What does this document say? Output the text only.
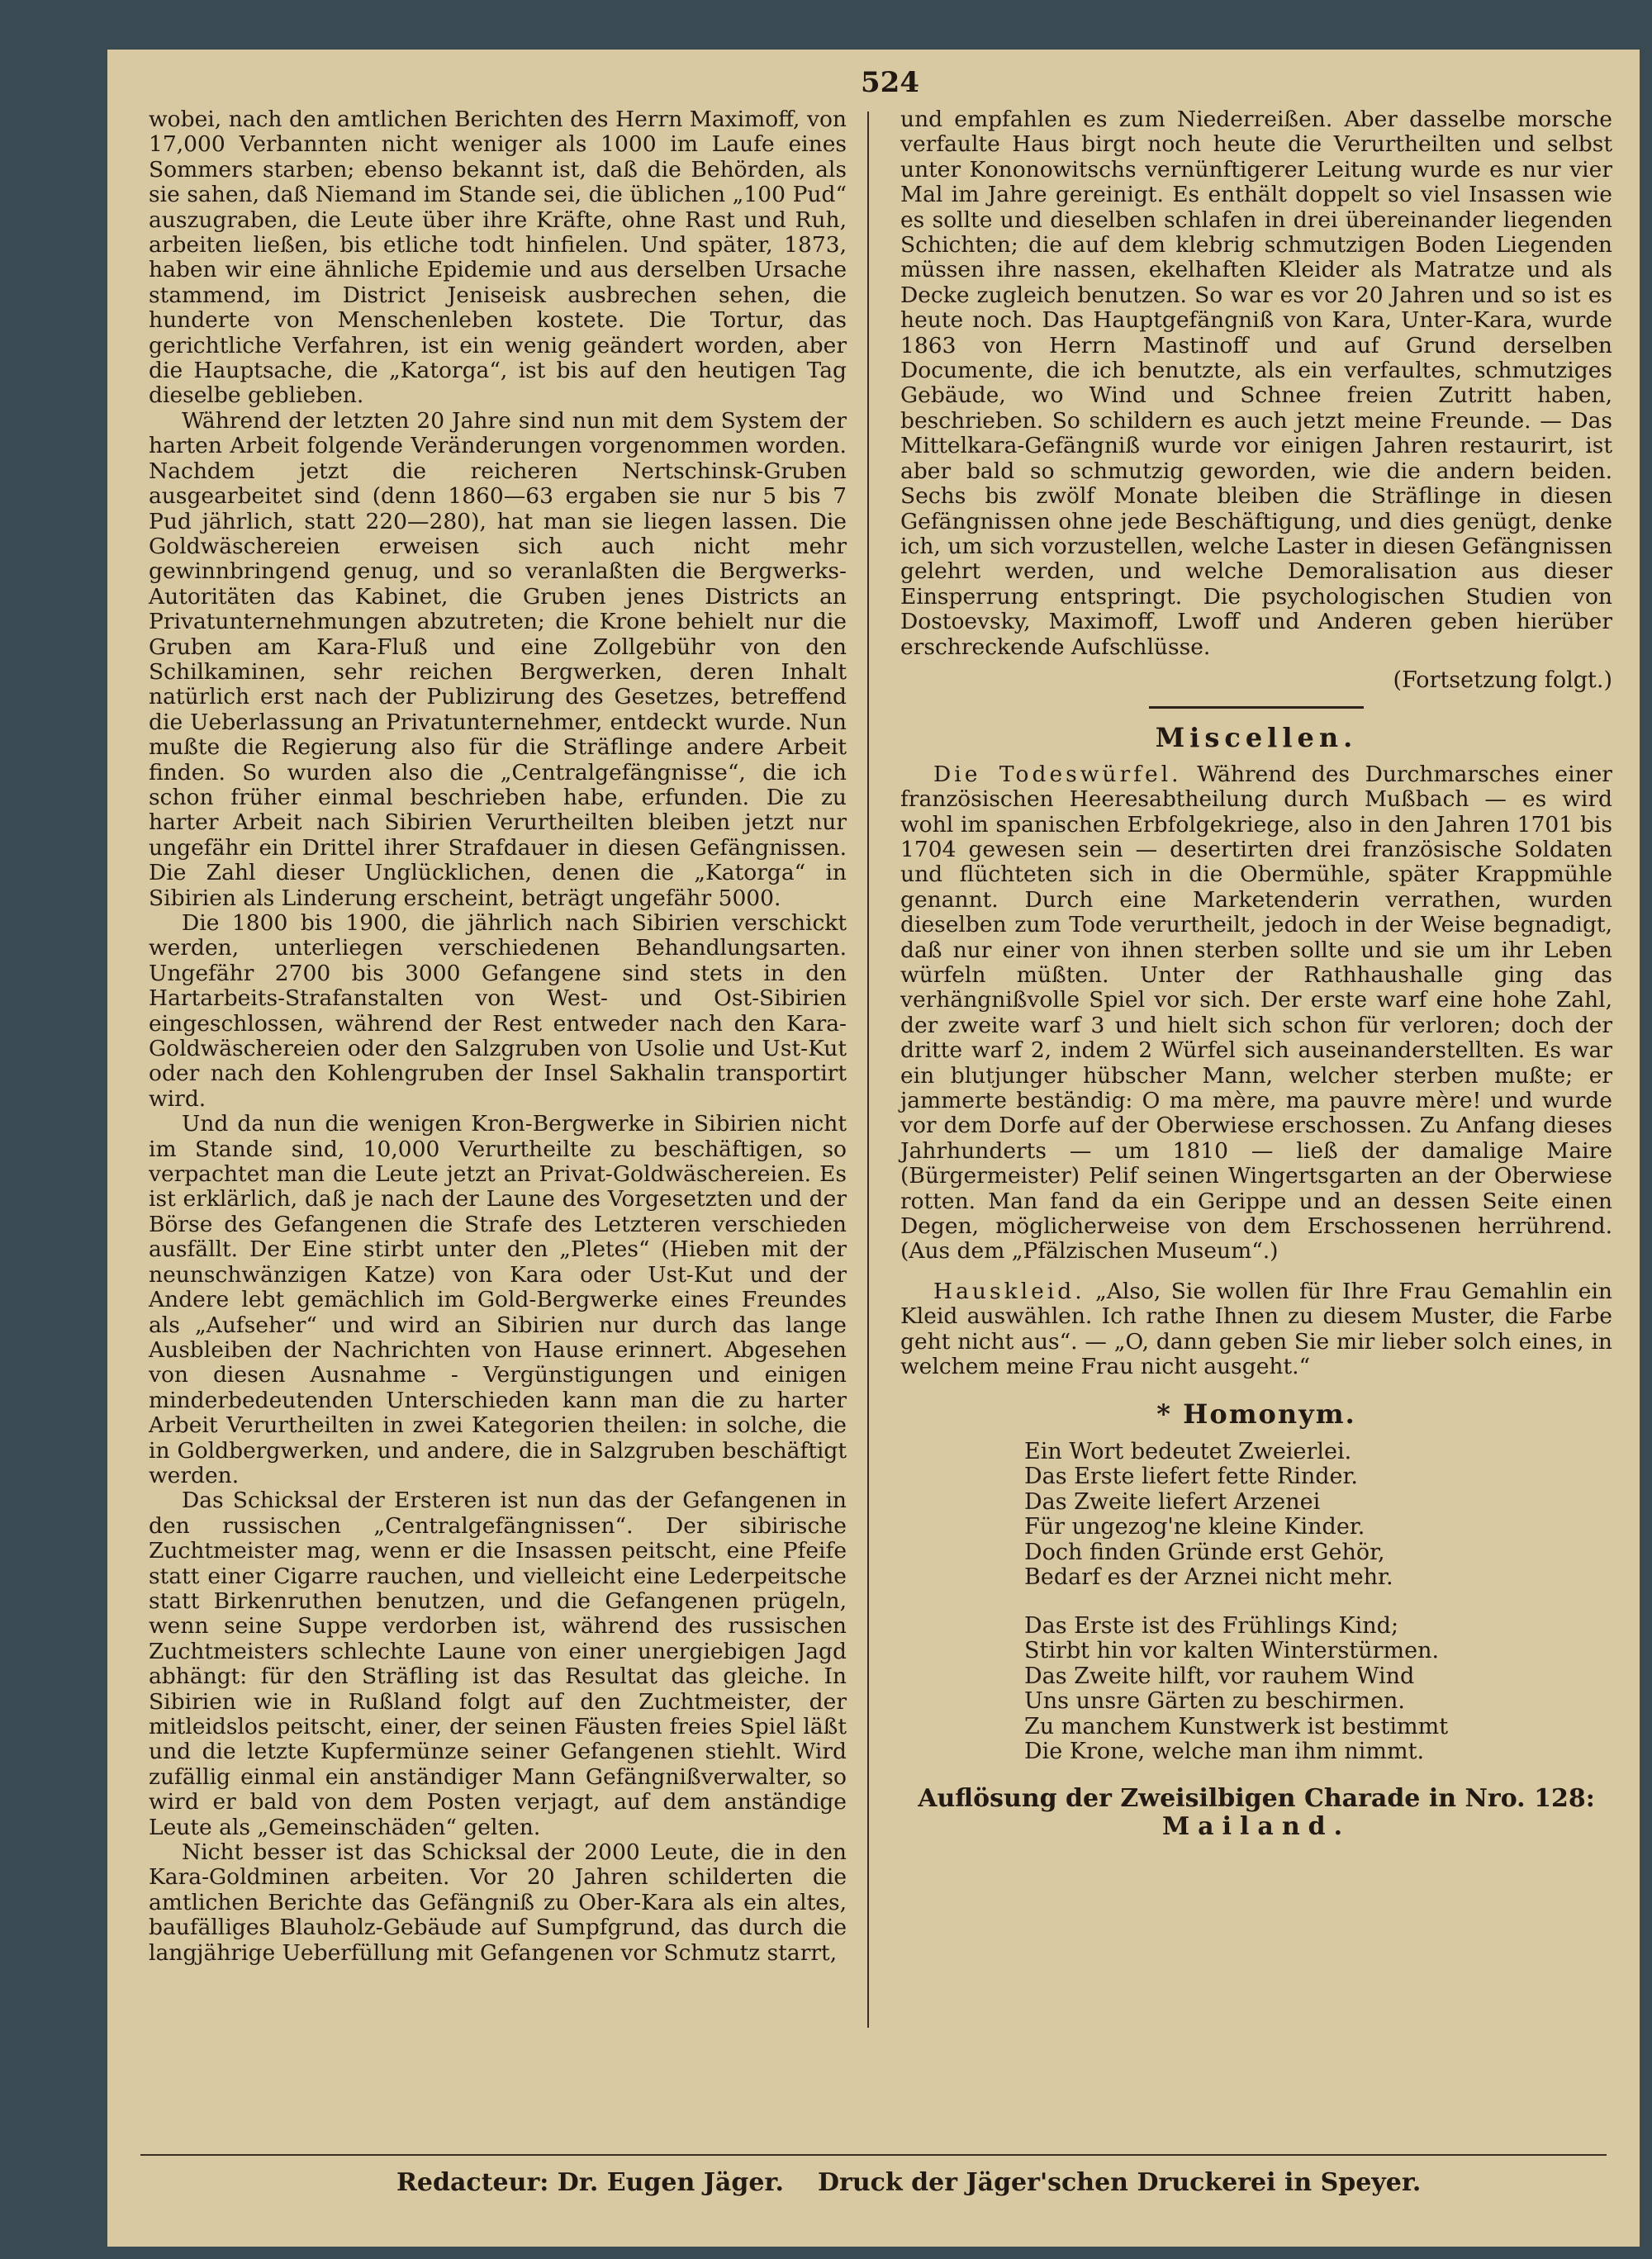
524

wobei, nach den amtlichen Berichten des Herrn Maximoff, von 17,000 Verbannten nicht weniger als 1000 im Laufe eines Sommers starben; ebenso bekannt ist, daß die Behörden, als sie sahen, daß Niemand im Stande sei, die üblichen „100 Pud“ auszugraben, die Leute über ihre Kräfte, ohne Rast und Ruh, arbeiten ließen, bis etliche todt hinfielen. Und später, 1873, haben wir eine ähnliche Epidemie und aus derselben Ursache stammend, im District Jeniseisk ausbrechen sehen, die hunderte von Menschenleben kostete. Die Tortur, das gerichtliche Verfahren, ist ein wenig geändert worden, aber die Hauptsache, die „Katorga“, ist bis auf den heutigen Tag dieselbe geblieben.

Während der letzten 20 Jahre sind nun mit dem System der harten Arbeit folgende Veränderungen vorgenommen worden. Nachdem jetzt die reicheren Nertschinsk-Gruben ausgearbeitet sind (denn 1860—63 ergaben sie nur 5 bis 7 Pud jährlich, statt 220—280), hat man sie liegen lassen. Die Goldwäschereien erweisen sich auch nicht mehr gewinnbringend genug, und so veranlaßten die Bergwerks-Autoritäten das Kabinet, die Gruben jenes Districts an Privatunternehmungen abzutreten; die Krone behielt nur die Gruben am Kara-Fluß und eine Zollgebühr von den Schilkaminen, sehr reichen Bergwerken, deren Inhalt natürlich erst nach der Publizirung des Gesetzes, betreffend die Ueberlassung an Privatunternehmer, entdeckt wurde. Nun mußte die Regierung also für die Sträflinge andere Arbeit finden. So wurden also die „Centralgefängnisse“, die ich schon früher einmal beschrieben habe, erfunden. Die zu harter Arbeit nach Sibirien Verurtheilten bleiben jetzt nur ungefähr ein Drittel ihrer Strafdauer in diesen Gefängnissen. Die Zahl dieser Unglücklichen, denen die „Katorga“ in Sibirien als Linderung erscheint, beträgt ungefähr 5000.

Die 1800 bis 1900, die jährlich nach Sibirien verschickt werden, unterliegen verschiedenen Behandlungsarten. Ungefähr 2700 bis 3000 Gefangene sind stets in den Hartarbeits-Strafanstalten von West- und Ost-Sibirien eingeschlossen, während der Rest entweder nach den Kara-Goldwäschereien oder den Salzgruben von Usolie und Ust-Kut oder nach den Kohlengruben der Insel Sakhalin transportirt wird.

Und da nun die wenigen Kron-Bergwerke in Sibirien nicht im Stande sind, 10,000 Verurtheilte zu beschäftigen, so verpachtet man die Leute jetzt an Privat-Goldwäschereien. Es ist erklärlich, daß je nach der Laune des Vorgesetzten und der Börse des Gefangenen die Strafe des Letzteren verschieden ausfällt. Der Eine stirbt unter den „Pletes“ (Hieben mit der neunschwänzigen Katze) von Kara oder Ust-Kut und der Andere lebt gemächlich im Gold-Bergwerke eines Freundes als „Aufseher“ und wird an Sibirien nur durch das lange Ausbleiben der Nachrichten von Hause erinnert. Abgesehen von diesen Ausnahme - Vergünstigungen und einigen minderbedeutenden Unterschieden kann man die zu harter Arbeit Verurtheilten in zwei Kategorien theilen: in solche, die in Goldbergwerken, und andere, die in Salzgruben beschäftigt werden.

Das Schicksal der Ersteren ist nun das der Gefangenen in den russischen „Centralgefängnissen“. Der sibirische Zuchtmeister mag, wenn er die Insassen peitscht, eine Pfeife statt einer Cigarre rauchen, und vielleicht eine Lederpeitsche statt Birkenruthen benutzen, und die Gefangenen prügeln, wenn seine Suppe verdorben ist, während des russischen Zuchtmeisters schlechte Laune von einer unergiebigen Jagd abhängt: für den Sträfling ist das Resultat das gleiche. In Sibirien wie in Rußland folgt auf den Zuchtmeister, der mitleidslos peitscht, einer, der seinen Fäusten freies Spiel läßt und die letzte Kupfermünze seiner Gefangenen stiehlt. Wird zufällig einmal ein anständiger Mann Gefängnißverwalter, so wird er bald von dem Posten verjagt, auf dem anständige Leute als „Gemeinschäden“ gelten.

Nicht besser ist das Schicksal der 2000 Leute, die in den Kara-Goldminen arbeiten. Vor 20 Jahren schilderten die amtlichen Berichte das Gefängniß zu Ober-Kara als ein altes, baufälliges Blauholz-Gebäude auf Sumpfgrund, das durch die langjährige Ueberfüllung mit Gefangenen vor Schmutz starrt,

und empfahlen es zum Niederreißen. Aber dasselbe morsche verfaulte Haus birgt noch heute die Verurtheilten und selbst unter Kononowitschs vernünftigerer Leitung wurde es nur vier Mal im Jahre gereinigt. Es enthält doppelt so viel Insassen wie es sollte und dieselben schlafen in drei übereinander liegenden Schichten; die auf dem klebrig schmutzigen Boden Liegenden müssen ihre nassen, ekelhaften Kleider als Matratze und als Decke zugleich benutzen. So war es vor 20 Jahren und so ist es heute noch. Das Hauptgefängniß von Kara, Unter-Kara, wurde 1863 von Herrn Mastinoff und auf Grund derselben Documente, die ich benutzte, als ein verfaultes, schmutziges Gebäude, wo Wind und Schnee freien Zutritt haben, beschrieben. So schildern es auch jetzt meine Freunde. — Das Mittelkara-Gefängniß wurde vor einigen Jahren restaurirt, ist aber bald so schmutzig geworden, wie die andern beiden. Sechs bis zwölf Monate bleiben die Sträflinge in diesen Gefängnissen ohne jede Beschäftigung, und dies genügt, denke ich, um sich vorzustellen, welche Laster in diesen Gefängnissen gelehrt werden, und welche Demoralisation aus dieser Einsperrung entspringt. Die psychologischen Studien von Dostoevsky, Maximoff, Lwoff und Anderen geben hierüber erschreckende Aufschlüsse.

(Fortsetzung folgt.)
Miscellen.

Die Todeswürfel. Während des Durchmarsches einer französischen Heeresabtheilung durch Mußbach — es wird wohl im spanischen Erbfolgekriege, also in den Jahren 1701 bis 1704 gewesen sein — desertirten drei französische Soldaten und flüchteten sich in die Obermühle, später Krappmühle genannt. Durch eine Marketenderin verrathen, wurden dieselben zum Tode verurtheilt, jedoch in der Weise begnadigt, daß nur einer von ihnen sterben sollte und sie um ihr Leben würfeln müßten. Unter der Rathhaushalle ging das verhängnißvolle Spiel vor sich. Der erste warf eine hohe Zahl, der zweite warf 3 und hielt sich schon für verloren; doch der dritte warf 2, indem 2 Würfel sich auseinanderstellten. Es war ein blutjunger hübscher Mann, welcher sterben mußte; er jammerte beständig: O ma mère, ma pauvre mère! und wurde vor dem Dorfe auf der Oberwiese erschossen. Zu Anfang dieses Jahrhunderts — um 1810 — ließ der damalige Maire (Bürgermeister) Pelif seinen Wingertsgarten an der Oberwiese rotten. Man fand da ein Gerippe und an dessen Seite einen Degen, möglicherweise von dem Erschossenen herrührend. (Aus dem „Pfälzischen Museum“.)

Hauskleid. „Also, Sie wollen für Ihre Frau Gemahlin ein Kleid auswählen. Ich rathe Ihnen zu diesem Muster, die Farbe geht nicht aus“. — „O, dann geben Sie mir lieber solch eines, in welchem meine Frau nicht ausgeht.“

* Homonym.
Ein Wort bedeutet Zweierlei.
Das Erste liefert fette Rinder.
Das Zweite liefert Arzenei
Für ungezog'ne kleine Kinder.
Doch finden Gründe erst Gehör,
Bedarf es der Arznei nicht mehr.
Das Erste ist des Frühlings Kind;
Stirbt hin vor kalten Winterstürmen.
Das Zweite hilft, vor rauhem Wind
Uns unsre Gärten zu beschirmen.
Zu manchem Kunstwerk ist bestimmt
Die Krone, welche man ihm nimmt.
Auflösung der Zweisilbigen Charade in Nro. 128:
Mailand.
Redacteur: Dr. Eugen Jäger. Druck der Jäger'schen Druckerei in Speyer.
